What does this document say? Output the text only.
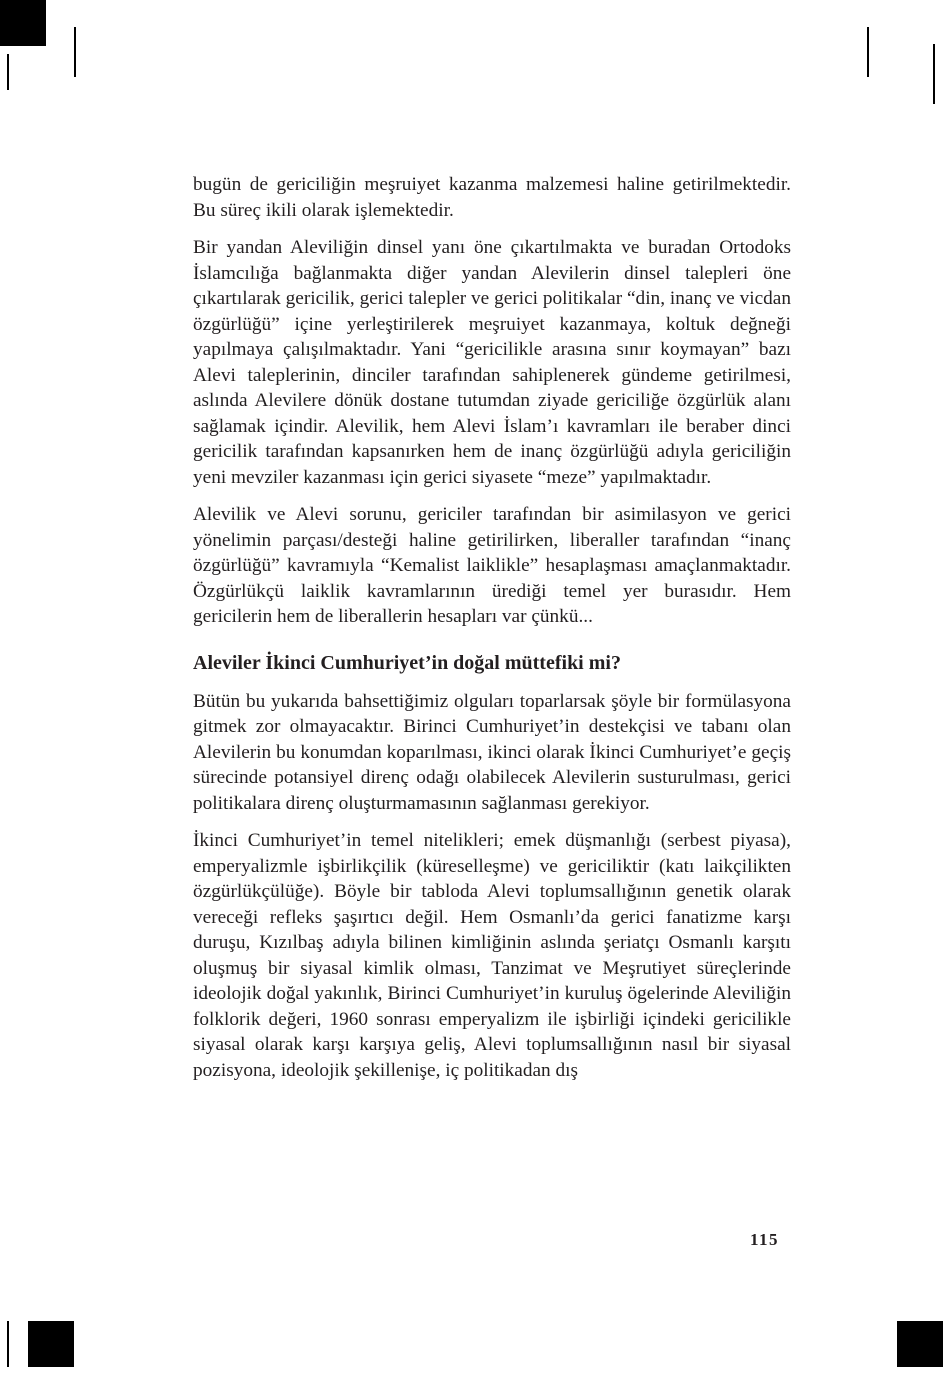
bugün de gericiliğin meşruiyet kazanma malzemesi haline getirilmektedir. Bu süreç ikili olarak işlemektedir.

Bir yandan Aleviliğin dinsel yanı öne çıkartılmakta ve buradan Ortodoks İslamcılığa bağlanmakta diğer yandan Alevilerin dinsel talepleri öne çıkartılarak gericilik, gerici talepler ve gerici politikalar “din, inanç ve vicdan özgürlüğü” içine yerleştirilerek meşruiyet kazanmaya, koltuk değneği yapılmaya çalışılmaktadır. Yani “gericilikle arasına sınır koymayan” bazı Alevi taleplerinin, dinciler tarafından sahiplenerek gündeme getirilmesi, aslında Alevilere dönük dostane tutumdan ziyade gericiliğe özgürlük alanı sağlamak içindir. Alevilik, hem Alevi İslam’ı kavramları ile beraber dinci gericilik tarafından kapsanırken hem de inanç özgürlüğü adıyla gericiliğin yeni mevziler kazanması için gerici siyasete “meze” yapılmaktadır.

Alevilik ve Alevi sorunu, gericiler tarafından bir asimilasyon ve gerici yönelimin parçası/desteği haline getirilirken, liberaller tarafından “inanç özgürlüğü” kavramıyla “Kemalist laiklikle” hesaplaşması amaçlanmaktadır. Özgürlükçü laiklik kavramlarının ürediği temel yer burasıdır. Hem gericilerin hem de liberallerin hesapları var çünkü...

Aleviler İkinci Cumhuriyet’in doğal müttefiki mi?

Bütün bu yukarıda bahsettiğimiz olguları toparlarsak şöyle bir formülasyona gitmek zor olmayacaktır. Birinci Cumhuriyet’in destekçisi ve tabanı olan Alevilerin bu konumdan koparılması, ikinci olarak İkinci Cumhuriyet’e geçiş sürecinde potansiyel direnç odağı olabilecek Alevilerin susturulması, gerici politikalara direnç oluşturmamasının sağlanması gerekiyor.

İkinci Cumhuriyet’in temel nitelikleri; emek düşmanlığı (serbest piyasa), emperyalizmle işbirlikçilik (küreselleşme) ve gericiliktir (katı laikçilikten özgürlükçülüğe). Böyle bir tabloda Alevi toplumsallığının genetik olarak vereceği refleks şaşırtıcı değil. Hem Osmanlı’da gerici fanatizme karşı duruşu, Kızılbaş adıyla bilinen kimliğinin aslında şeriatçı Osmanlı karşıtı oluşmuş bir siyasal kimlik olması, Tanzimat ve Meşrutiyet süreçlerinde ideolojik doğal yakınlık, Birinci Cumhuriyet’in kuruluş ögelerinde Aleviliğin folklorik değeri, 1960 sonrası emperyalizm ile işbirliği içindeki gericilikle siyasal olarak karşı karşıya geliş, Alevi toplumsallığının nasıl bir siyasal pozisyona, ideolojik şekillenişe, iç politikadan dış

115
